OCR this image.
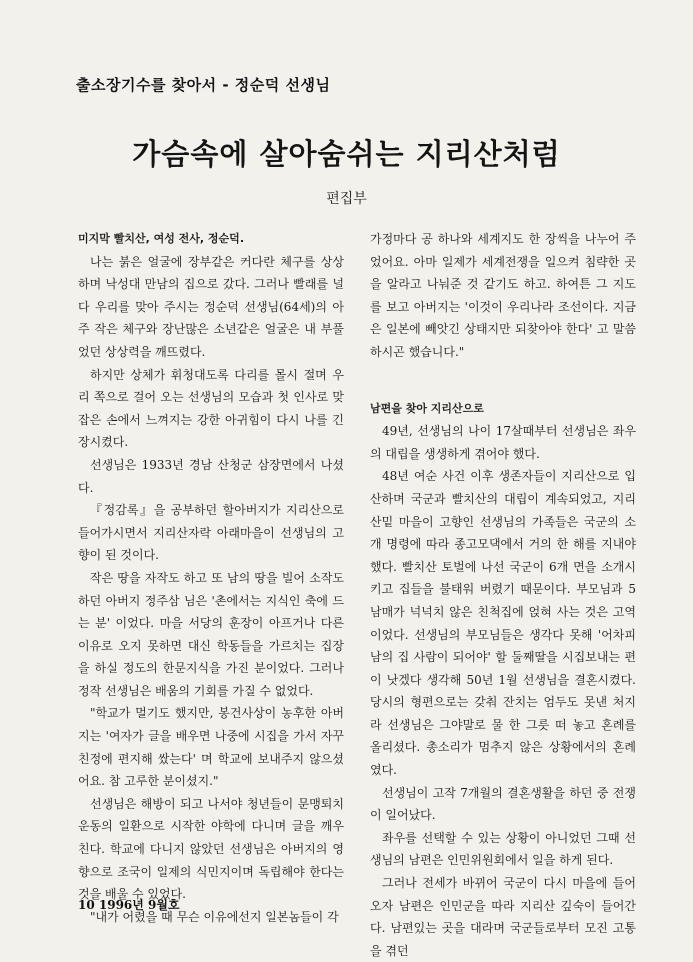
출소장기수를 찾아서 - 정순덕 선생님
가슴속에 살아숨쉬는 지리산처럼
편집부

미지막 빨치산, 여성 전사, 정순덕.

나는 붉은 얼굴에 장부같은 커다란 체구를 상상하며 낙성대 만남의 집으로 갔다. 그러나 빨래를 널다 우리를 맞아 주시는 정순덕 선생님(64세)의 아주 작은 체구와 장난많은 소년같은 얼굴은 내 부풀었던 상상력을 깨뜨렸다.

하지만 상체가 휘청대도록 다리를 몰시 절며 우리 쪽으로 걸어 오는 선생님의 모습과 첫 인사로 맞잡은 손에서 느껴지는 강한 아귀힘이 다시 나를 긴장시켰다.

선생님은 1933년 경남 산청군 삼장면에서 나셨다.

『정감록』을 공부하던 할아버지가 지리산으로 들어가시면서 지리산자락 아래마을이 선생님의 고향이 된 것이다.

작은 땅을 자작도 하고 또 남의 땅을 빌어 소작도 하던 아버지 정주삼 님은 '촌에서는 지식인 축에 드는 분' 이었다. 마을 서당의 훈장이 아프거나 다른 이유로 오지 못하면 대신 학동들을 가르치는 집장을 하실 정도의 한문지식을 가진 분이었다. 그러나 정작 선생님은 배움의 기회를 가질 수 없었다.

"학교가 멀기도 했지만, 봉건사상이 농후한 아버지는 '여자가 글을 배우면 나중에 시집을 가서 자꾸 친정에 편지해 쌌는다' 며 학교에 보내주지 않으셨어요. 참 고루한 분이셨지."

선생님은 해방이 되고 나서야 청년들이 문맹퇴치운동의 일환으로 시작한 야학에 다니며 글을 깨우친다. 학교에 다니지 않았던 선생님은 아버지의 영향으로 조국이 일제의 식민지이며 독립해야 한다는 것을 배울 수 있었다.

"내가 어렸을 때 무슨 이유에선지 일본놈들이 각

가정마다 공 하나와 세계지도 한 장씩을 나누어 주었어요. 아마 일제가 세계전쟁을 일으켜 침략한 곳을 알라고 나눠준 것 같기도 하고. 하여튼 그 지도를 보고 아버지는 '이것이 우리나라 조선이다. 지금은 일본에 빼앗긴 상태지만 되찾아야 한다' 고 말씀하시곤 했습니다."

남편을 찾아 지리산으로

49년, 선생님의 나이 17살때부터 선생님은 좌우의 대립을 생생하게 겪어야 했다.

48년 여순 사건 이후 생존자들이 지리산으로 입산하며 국군과 빨치산의 대립이 계속되었고, 지리산밑 마을이 고향인 선생님의 가족들은 국군의 소개 명령에 따라 종고모댁에서 거의 한 해를 지내야했다. 빨치산 토벌에 나선 국군이 6개 면을 소개시키고 집들을 불태워 버렸기 때문이다. 부모님과 5남매가 넉넉치 않은 친척집에 얹혀 사는 것은 고역이었다. 선생님의 부모님들은 생각다 못해 '어차피 남의 집 사람이 되어야' 할 둘째딸을 시집보내는 편이 낫겠다 생각해 50년 1월 선생님을 결혼시켰다. 당시의 형편으로는 갖춰 잔치는 엄두도 못낸 처지라 선생님은 그야말로 물 한 그릇 떠 놓고 혼례를 올리셨다. 총소리가 멈추지 않은 상황에서의 혼례였다.

선생님이 고작 7개월의 결혼생활을 하던 중 전쟁이 일어났다.

좌우를 선택할 수 있는 상황이 아니었던 그때 선생님의 남편은 인민위원회에서 일을 하게 된다.

그러나 전세가 바뀌어 국군이 다시 마을에 들어오자 남편은 인민군을 따라 지리산 깊숙이 들어간다. 남편있는 곳을 대라며 국군들로부터 모진 고통을 겪던

10 1996년 9월호
